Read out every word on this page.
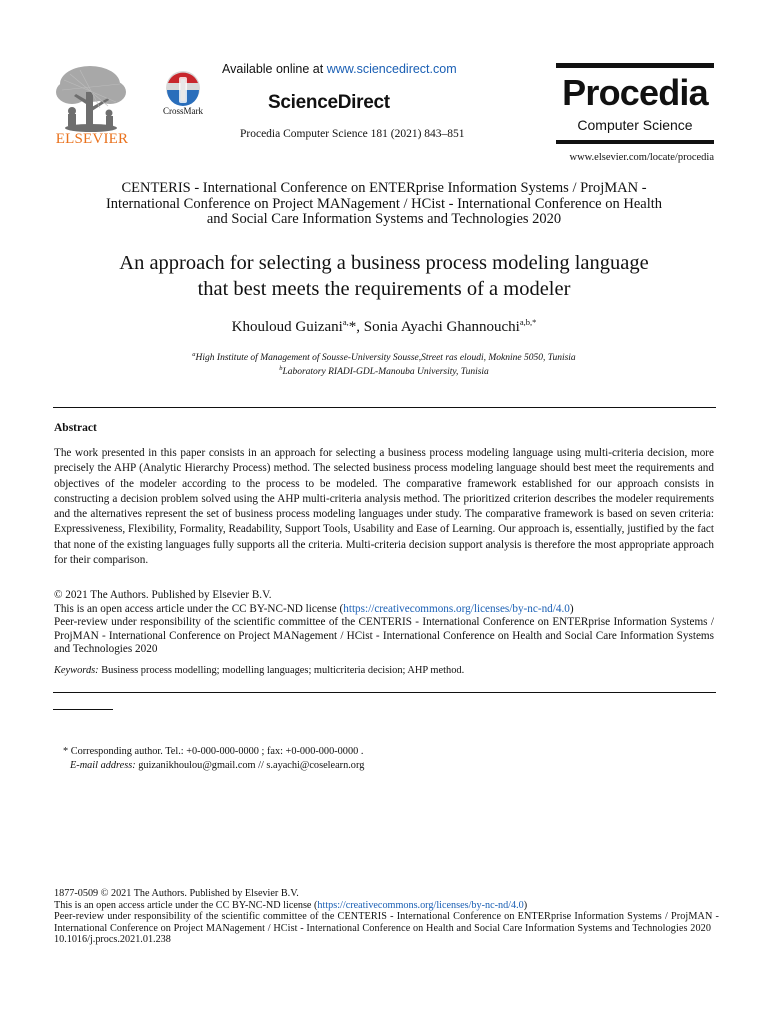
ELSEVIER
CrossMark
Available online at www.sciencedirect.com
ScienceDirect
Procedia Computer Science 181 (2021) 843–851
Procedia
Computer Science
www.elsevier.com/locate/procedia
CENTERIS - International Conference on ENTERprise Information Systems / ProjMAN -
International Conference on Project MANagement / HCist - International Conference on Health
and Social Care Information Systems and Technologies 2020
An approach for selecting a business process modeling language
that best meets the requirements of a modeler
Khouloud Guizani$^{a,}$*, Sonia Ayachi Ghannouchi$^{a,b,*}$
$^a$High Institute of Management of Sousse-University Sousse,Street ras eloudi, Moknine 5050, Tunisia
$^b$Laboratory RIADI-GDL-Manouba University, Tunisia
Abstract
The work presented in this paper consists in an approach for selecting a business process modeling language using multi-criteria decision, more precisely the AHP (Analytic Hierarchy Process) method. The selected business process modeling language should best meet the requirements and objectives of the modeler according to the process to be modeled. The comparative framework established for our approach consists in constructing a decision problem solved using the AHP multi-criteria analysis method. The prioritized criterion describes the modeler requirements and the alternatives represent the set of business process modeling languages under study. The comparative framework is based on seven criteria: Expressiveness, Flexibility, Formality, Readability, Support Tools, Usability and Ease of Learning. Our approach is, essentially, justified by the fact that none of the existing languages fully supports all the criteria. Multi-criteria decision support analysis is therefore the most appropriate approach for their comparison.
© 2021 The Authors. Published by Elsevier B.V.
This is an open access article under the CC BY-NC-ND license (https://creativecommons.org/licenses/by-nc-nd/4.0)
Peer-review under responsibility of the scientific committee of the CENTERIS - International Conference on ENTERprise Information Systems / ProjMAN - International Conference on Project MANagement / HCist - International Conference on Health and Social Care Information Systems and Technologies 2020
Keywords: Business process modelling; modelling languages; multicriteria decision; AHP method.
* Corresponding author. Tel.: +0-000-000-0000 ; fax: +0-000-000-0000 .
E-mail address: guizanikhoulou@gmail.com // s.ayachi@coselearn.org
1877-0509 © 2021 The Authors. Published by Elsevier B.V.
This is an open access article under the CC BY-NC-ND license (https://creativecommons.org/licenses/by-nc-nd/4.0)
Peer-review under responsibility of the scientific committee of the CENTERIS - International Conference on ENTERprise Information Systems / ProjMAN - International Conference on Project MANagement / HCist - International Conference on Health and Social Care Information Systems and Technologies 2020
10.1016/j.procs.2021.01.238
